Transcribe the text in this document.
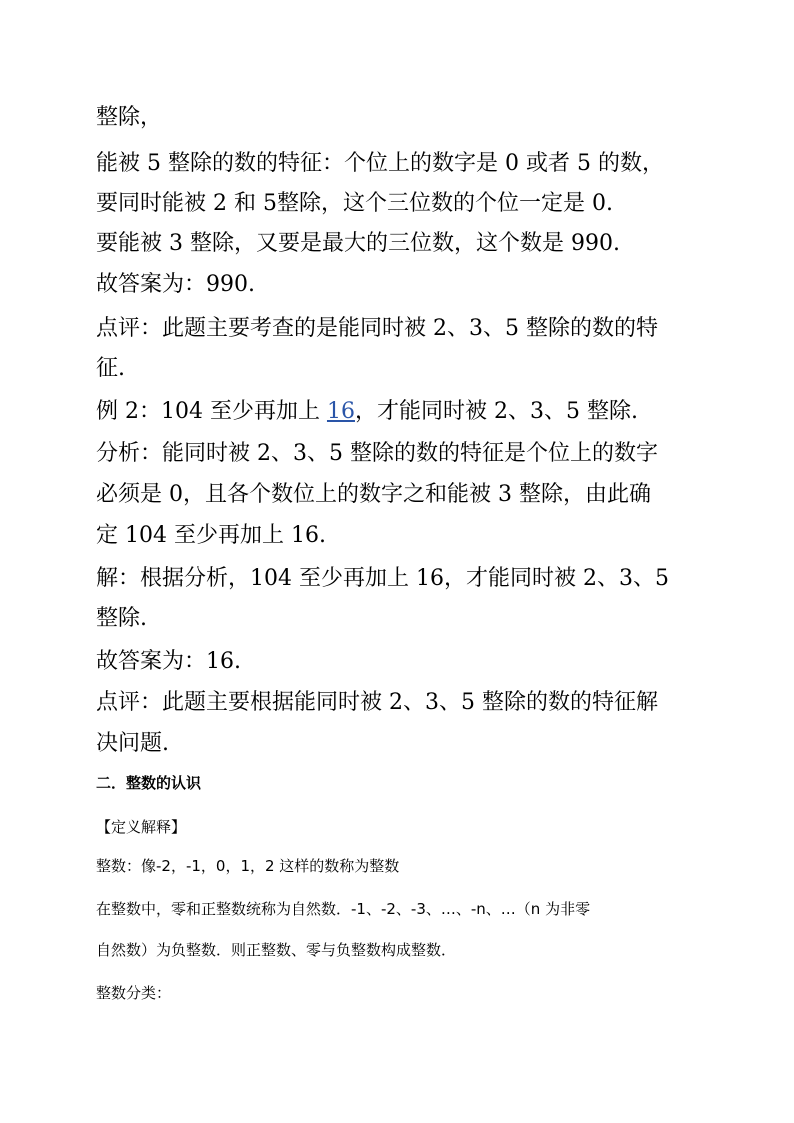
整除，
能被 5 整除的数的特征：个位上的数字是 0 或者 5 的数，
要同时能被 2 和 5整除，这个三位数的个位一定是 0.
要能被 3 整除，又要是最大的三位数，这个数是 990.
故答案为：990.
点评：此题主要考查的是能同时被 2、3、5 整除的数的特
征.
例 2：104 至少再加上 16，才能同时被 2、3、5 整除.
分析：能同时被 2、3、5 整除的数的特征是个位上的数字
必须是 0，且各个数位上的数字之和能被 3 整除，由此确
定 104 至少再加上 16.
解：根据分析，104 至少再加上 16，才能同时被 2、3、5
整除.
故答案为：16.
点评：此题主要根据能同时被 2、3、5 整除的数的特征解
决问题.
二．整数的认识
【定义解释】
整数：像-2，-1，0，1，2 这样的数称为整数
在整数中，零和正整数统称为自然数．-1、-2、-3、…、-n、…（n 为非零
自然数）为负整数．则正整数、零与负整数构成整数．
整数分类：
